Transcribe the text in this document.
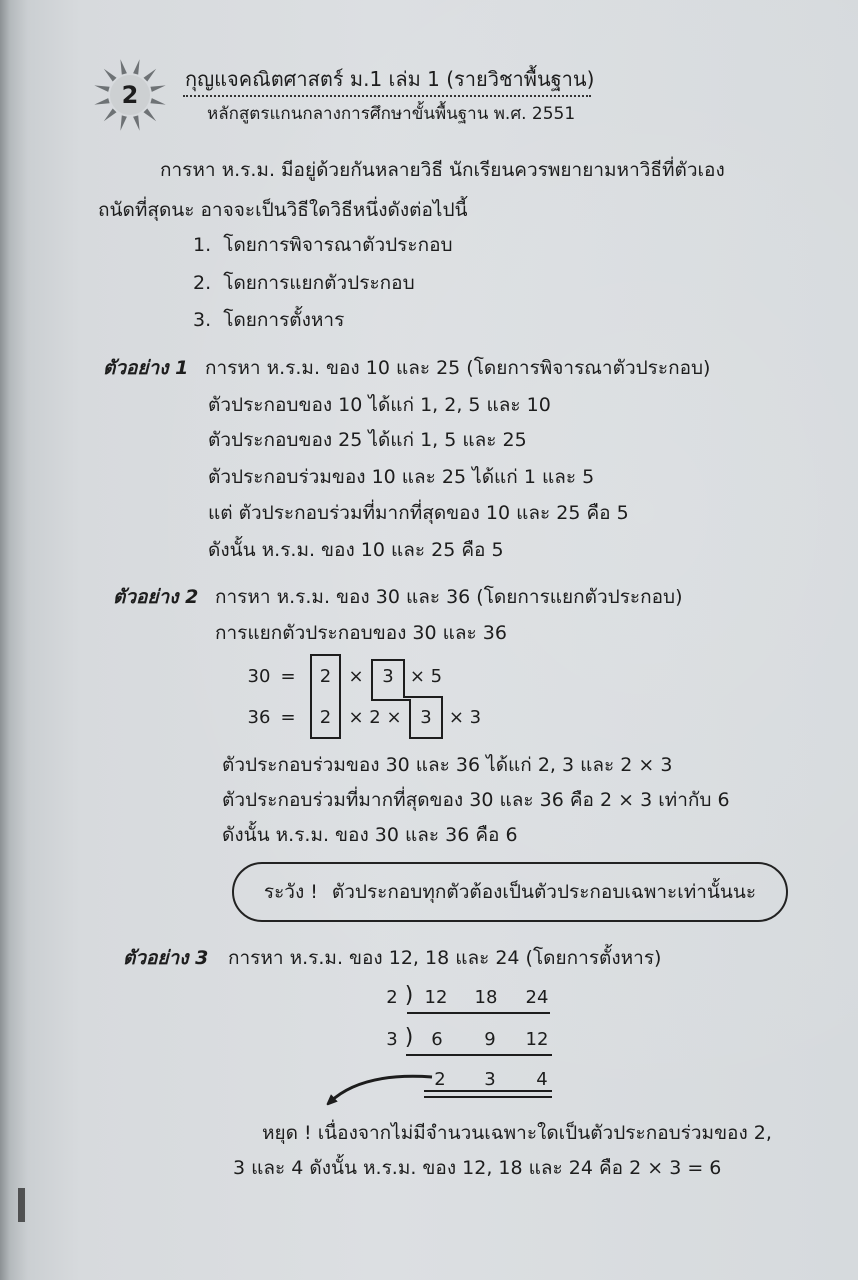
2
กุญแจคณิตศาสตร์ ม.1 เล่ม 1 (รายวิชาพื้นฐาน)
หลักสูตรแกนกลางการศึกษาขั้นพื้นฐาน พ.ศ. 2551
การหา ห.ร.ม. มีอยู่ด้วยกันหลายวิธี นักเรียนควรพยายามหาวิธีที่ตัวเอง
ถนัดที่สุดนะ อาจจะเป็นวิธีใดวิธีหนึ่งดังต่อไปนี้
1. โดยการพิจารณาตัวประกอบ
2. โดยการแยกตัวประกอบ
3. โดยการตั้งหาร
ตัวอย่าง 1 การหา ห.ร.ม. ของ 10 และ 25 (โดยการพิจารณาตัวประกอบ)
ตัวประกอบของ 10 ได้แก่ 1, 2, 5 และ 10
ตัวประกอบของ 25 ได้แก่ 1, 5 และ 25
ตัวประกอบร่วมของ 10 และ 25 ได้แก่ 1 และ 5
แต่ ตัวประกอบร่วมที่มากที่สุดของ 10 และ 25 คือ 5
ดังนั้น ห.ร.ม. ของ 10 และ 25 คือ 5
ตัวอย่าง 2 การหา ห.ร.ม. ของ 30 และ 36 (โดยการแยกตัวประกอบ)
การแยกตัวประกอบของ 30 และ 36
30 =	2 ×	3 × 5
36 =	2 × 2 ×	3 × 3
ตัวประกอบร่วมของ 30 และ 36 ได้แก่ 2, 3 และ 2 × 3
ตัวประกอบร่วมที่มากที่สุดของ 30 และ 36 คือ 2 × 3 เท่ากับ 6
ดังนั้น ห.ร.ม. ของ 30 และ 36 คือ 6
ระวัง ! ตัวประกอบทุกตัวต้องเป็นตัวประกอบเฉพาะเท่านั้นนะ
ตัวอย่าง 3 การหา ห.ร.ม. ของ 12, 18 และ 24 (โดยการตั้งหาร)
2 ) 12 18 24
3 ) 6	9	12
2	3	4
หยุด ! เนื่องจากไม่มีจำนวนเฉพาะใดเป็นตัวประกอบร่วมของ 2,
3 และ 4 ดังนั้น ห.ร.ม. ของ 12, 18 และ 24 คือ 2 × 3 = 6
